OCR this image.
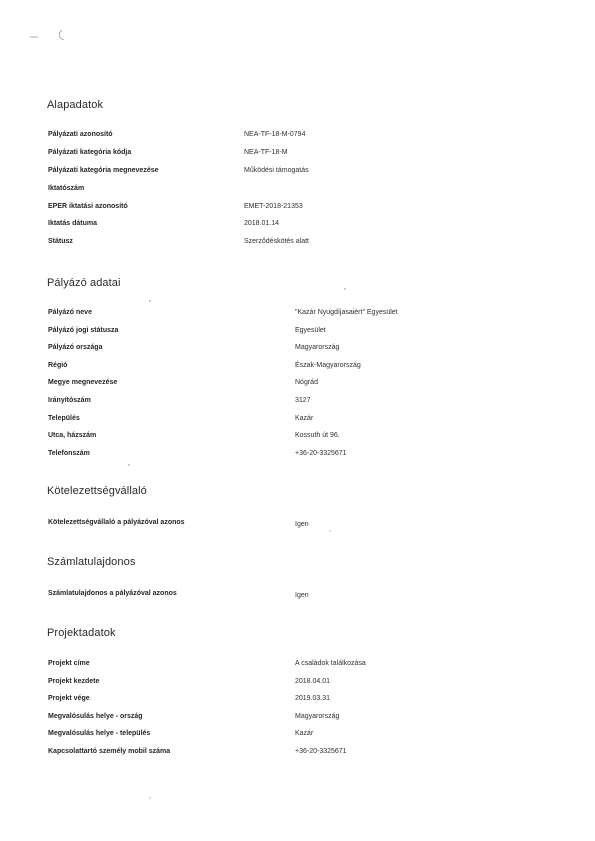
Alapadatok
Pályázati azonosító	NEA-TF-18-M-0794
Pályázati kategória kódja	NEA-TF-18-M
Pályázati kategória megnevezése	Működési támogatás
Iktatószám
EPER iktatási azonosító	EMET-2018-21353
Iktatás dátuma	2018.01.14
Státusz	Szerződéskötés alatt
Pályázó adatai
Pályázó neve	"Kazár Nyugdíjasaiért" Egyesület
Pályázó jogi státusza	Egyesület
Pályázó országa	Magyarország
Régió	Észak-Magyarország
Megye megnevezése	Nógrád
Irányítószám	3127
Település	Kazár
Utca, házszám	Kossuth út 96.
Telefonszám	+36-20-3325671
Kötelezettségvállaló
Kötelezettségvállaló a pályázóval azonos	Igen
Számlatulajdonos
Számlatulajdonos a pályázóval azonos	Igen
Projektadatok
Projekt címe	A családok találkozása
Projekt kezdete	2018.04.01
Projekt vége	2019.03.31
Megvalósulás helye - ország	Magyarország
Megvalósulás helye - település	Kazár
Kapcsolattartó személy mobil száma	+36-20-3325671
